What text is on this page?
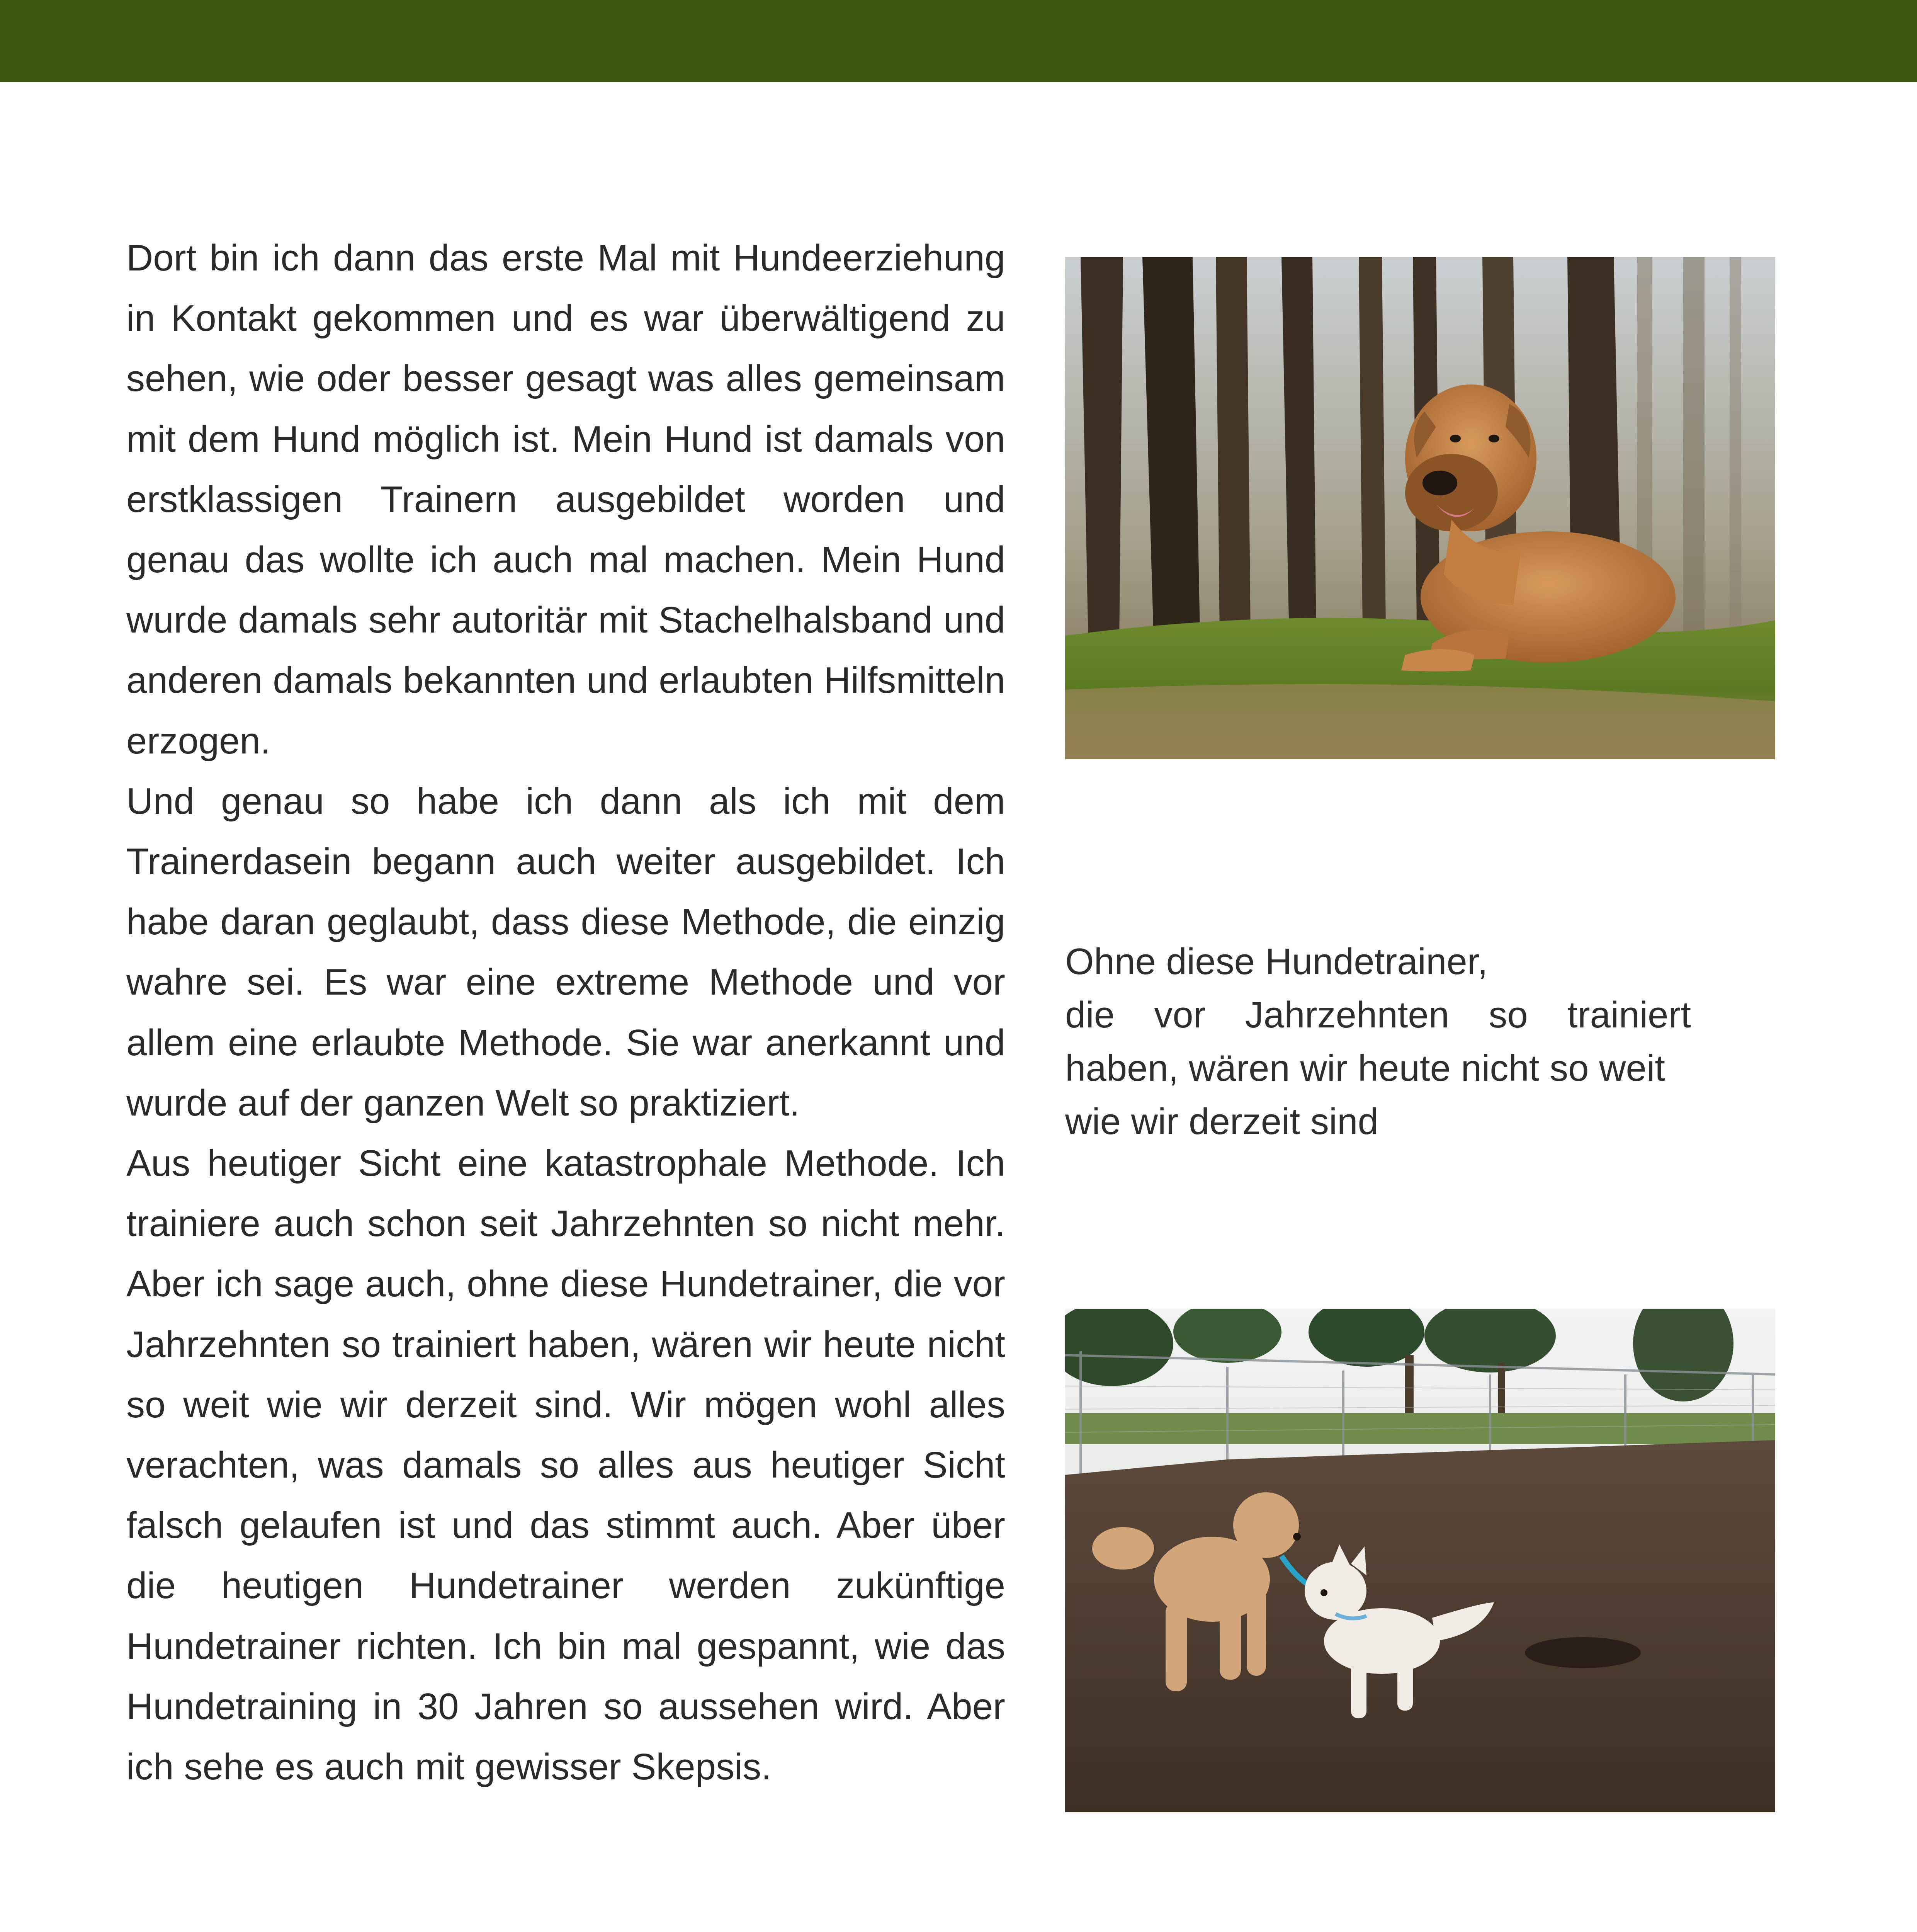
Dort bin ich dann das erste Mal mit Hundeerziehung in Kontakt gekommen und es war überwältigend zu sehen, wie oder besser gesagt was alles gemeinsam mit dem Hund möglich ist. Mein Hund ist damals von erstklassigen Trainern ausgebildet worden und genau das wollte ich auch mal machen. Mein Hund wurde damals sehr autoritär mit Stachelhalsband und anderen damals bekannten und erlaubten Hilfsmitteln erzogen.

Und genau so habe ich dann als ich mit dem Trainerdasein begann auch weiter ausgebildet. Ich habe daran geglaubt, dass diese Methode, die einzig wahre sei. Es war eine extreme Methode und vor allem eine erlaubte Methode. Sie war anerkannt und wurde auf der ganzen Welt so praktiziert.

Aus heutiger Sicht eine katastrophale Methode. Ich trainiere auch schon seit Jahrzehnten so nicht mehr. Aber ich sage auch, ohne diese Hundetrainer, die vor Jahrzehnten so trainiert haben, wären wir heute nicht so weit wie wir derzeit sind. Wir mögen wohl alles verachten, was damals so alles aus heutiger Sicht falsch gelaufen ist und das stimmt auch. Aber über die heutigen Hundetrainer werden zukünftige Hundetrainer richten. Ich bin mal gespannt, wie das Hundetraining in 30 Jahren so aussehen wird. Aber ich sehe es auch mit gewisser Skepsis.

Ohne diese Hundetrainer,
die vor Jahrzehnten so trainiert
haben, wären wir heute nicht so weit
wie wir derzeit sind
